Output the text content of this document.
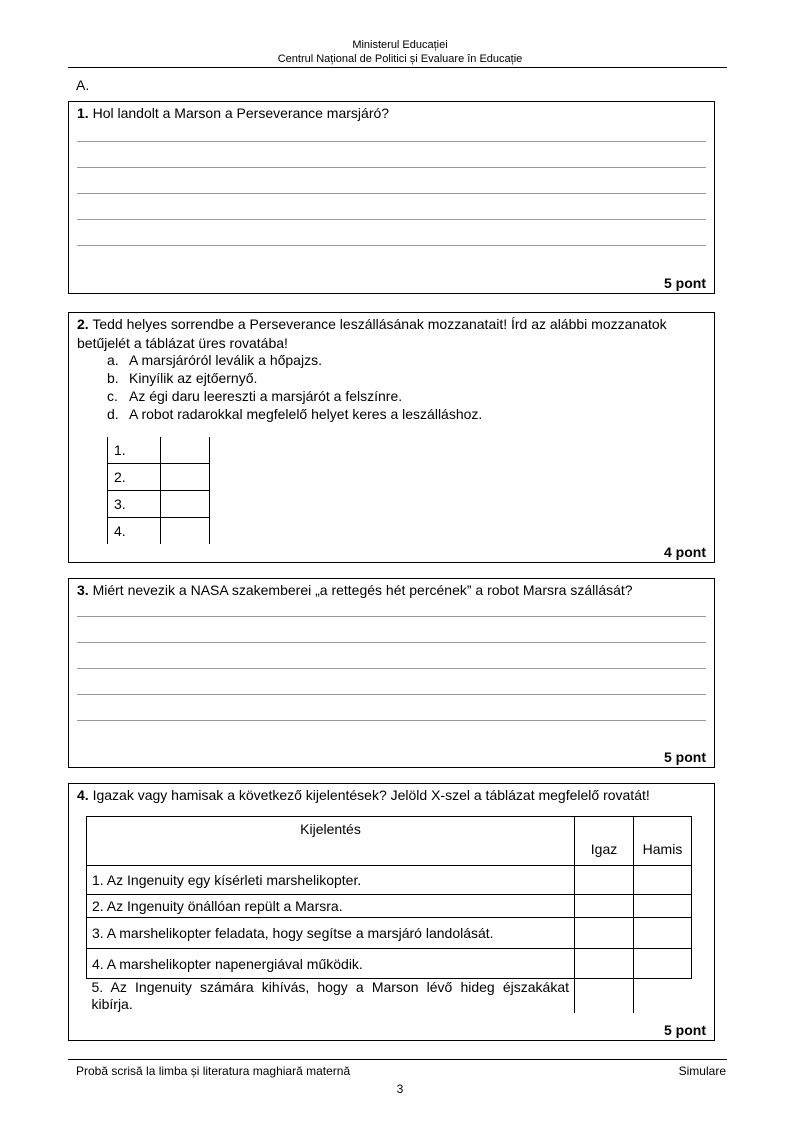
Ministerul Educației
Centrul Național de Politici și Evaluare în Educație
A.
1. Hol landolt a Marson a Perseverance marsjáró?
5 pont
2. Tedd helyes sorrendbe a Perseverance leszállásának mozzanatait! Írd az alábbi mozzanatok betűjelét a táblázat üres rovatába!
a. A marsjáróról leválik a hőpajzs.
b. Kinyílik az ejtőernyő.
c. Az égi daru leereszti a marsjárót a felszínre.
d. A robot radarokkal megfelelő helyet keres a leszálláshoz.
1.	
2.	
3.	
4.	
4 pont
3. Miért nevezik a NASA szakemberei „a rettegés hét percének” a robot Marsra szállását?
5 pont
4. Igazak vagy hamisak a következő kijelentések? Jelöld X-szel a táblázat megfelelő rovatát!
Kijelentés	Igaz	Hamis
1. Az Ingenuity egy kísérleti marshelikopter.		
2. Az Ingenuity önállóan repült a Marsra.		
3. A marshelikopter feladata, hogy segítse a marsjáró landolását.		
4. A marshelikopter napenergiával működik.		
5. Az Ingenuity számára kihívás, hogy a Marson lévő hideg éjszakákat kibírja.		
5 pont
Probă scrisă la limba și literatura maghiară maternă	Simulare
3
